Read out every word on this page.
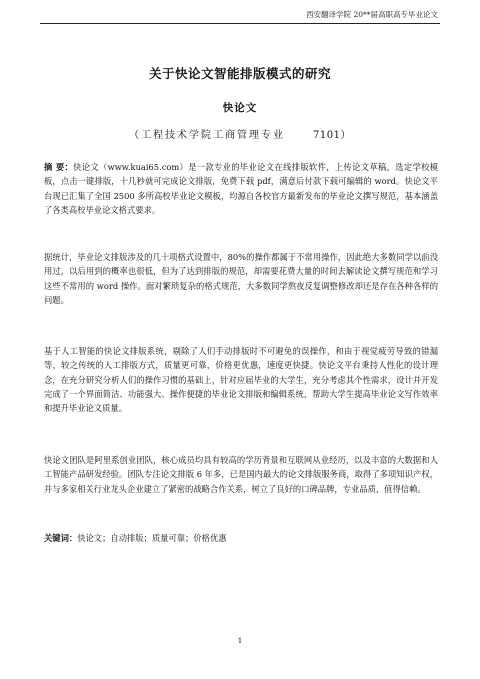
西安翻译学院 20**届高职高专毕业论文
关于快论文智能排版模式的研究
快论文
（工程技术学院工商管理专业	7101）
摘 要：快论文（www.kuai65.com）是一款专业的毕业论文在线排版软件，上传论文草稿，选定学校模板，点击一键排版，十几秒就可完成论文排版，免费下载 pdf，满意后付款下载可编辑的 word。快论文平台现已汇集了全国 2500 多所高校毕业论文模板，均源自各校官方最新发布的毕业论文撰写规范，基本涵盖了各类高校毕业论文格式要求。
据统计，毕业论文排版涉及的几十项格式设置中，80%的操作都属于不常用操作，因此绝大多数同学以前没用过，以后用到的概率也很低，但为了达到排版的规范，却需要花费大量的时间去解读论文撰写规范和学习这些不常用的 word 操作。面对繁琐复杂的格式规范，大多数同学熬夜反复调整修改却还是存在各种各样的问题。
基于人工智能的快论文排版系统，剔除了人们手动排版时不可避免的误操作，和由于视觉疲劳导致的错漏等，较之传统的人工排版方式，质量更可靠，价格更优惠，速度更快捷。快论文平台秉持人性化的设计理念，在充分研究分析人们的操作习惯的基础上，针对应届毕业的大学生，充分考虑其个性需求，设计并开发完成了一个界面简洁、功能强大、操作便捷的毕业论文排版和编辑系统，帮助大学生提高毕业论文写作效率和提升毕业论文质量。
快论文团队是阿里系创业团队，核心成员均具有较高的学历背景和互联网从业经历，以及丰富的大数据和人工智能产品研发经验。团队专注论文排版 6 年多，已是国内最大的论文排版服务商，取得了多项知识产权，并与多家相关行业龙头企业建立了紧密的战略合作关系，树立了良好的口碑品牌，专业品质，值得信赖。
关键词：快论文；自动排版；质量可靠；价格优惠
1
